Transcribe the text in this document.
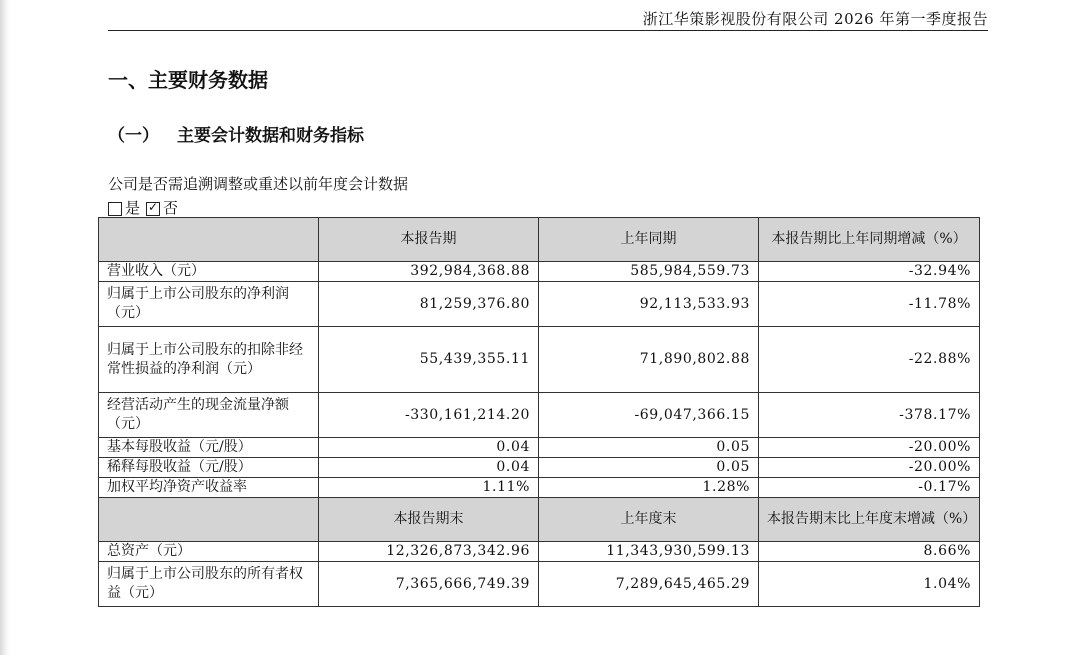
浙江华策影视股份有限公司 2026 年第一季度报告
一、主要财务数据
（一） 主要会计数据和财务指标
公司是否需追溯调整或重述以前年度会计数据
是 ✓ 否
	本报告期	上年同期	本报告期比上年同期增减（%）
营业收入（元）	392,984,368.88	585,984,559.73	-32.94%
归属于上市公司股东的净利润（元）	81,259,376.80	92,113,533.93	-11.78%
归属于上市公司股东的扣除非经常性损益的净利润（元）	55,439,355.11	71,890,802.88	-22.88%
经营活动产生的现金流量净额（元）	-330,161,214.20	-69,047,366.15	-378.17%
基本每股收益（元/股）	0.04	0.05	-20.00%
稀释每股收益（元/股）	0.04	0.05	-20.00%
加权平均净资产收益率	1.11%	1.28%	-0.17%
	本报告期末	上年度末	本报告期末比上年度末增减（%）
总资产（元）	12,326,873,342.96	11,343,930,599.13	8.66%
归属于上市公司股东的所有者权益（元）	7,365,666,749.39	7,289,645,465.29	1.04%
